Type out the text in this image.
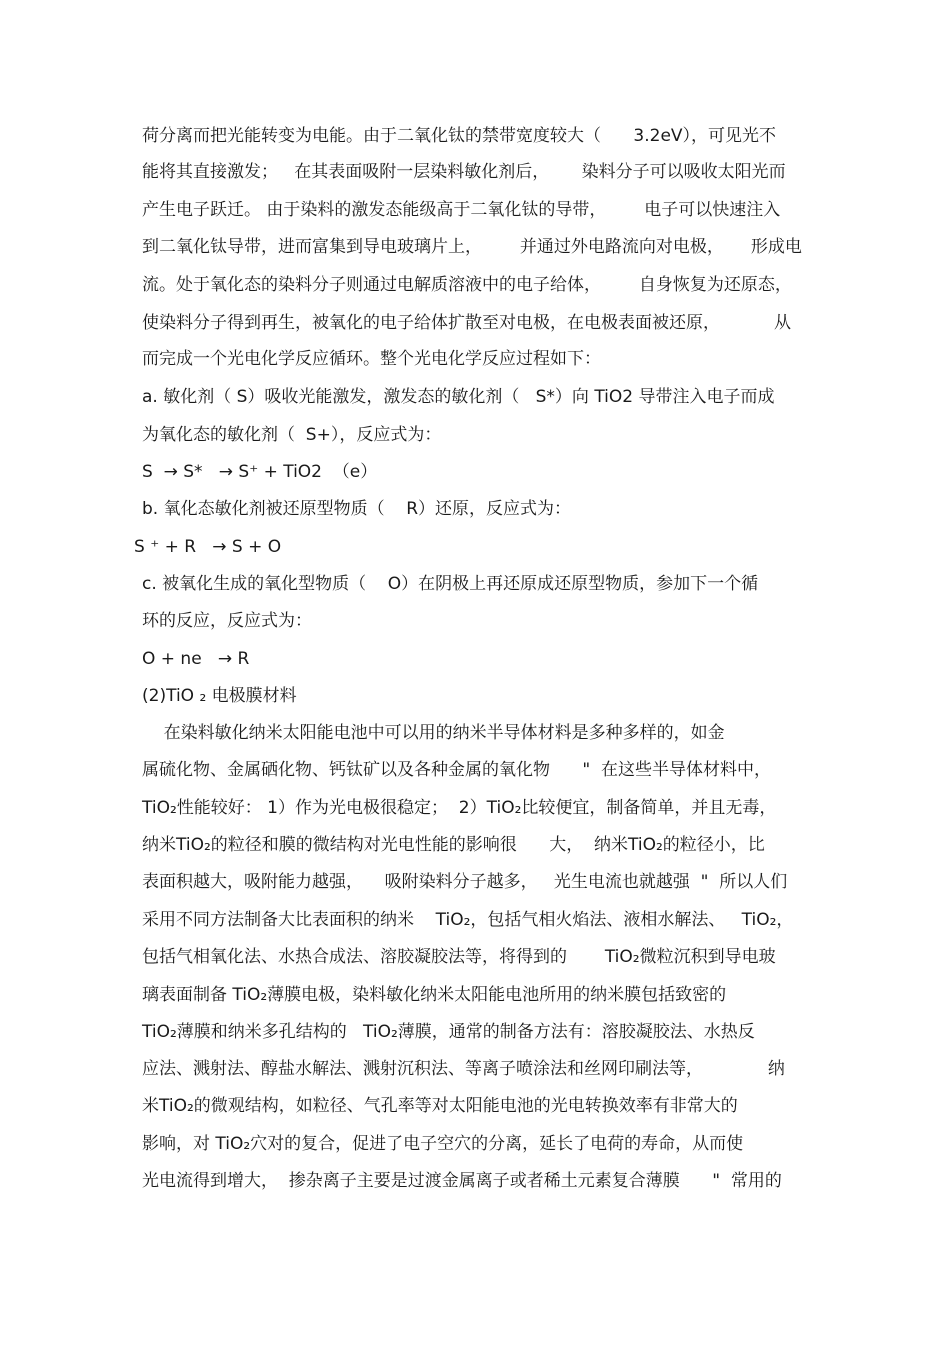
荷分离而把光能转变为电能。由于二氧化钛的禁带宽度较大（      3.2eV），可见光不
能将其直接激发；   在其表面吸附一层染料敏化剂后，      染料分子可以吸收太阳光而
产生电子跃迁。 由于染料的激发态能级高于二氧化钛的导带，       电子可以快速注入
到二氧化钛导带，进而富集到导电玻璃片上，       并通过外电路流向对电极，     形成电
流。处于氧化态的染料分子则通过电解质溶液中的电子给体，       自身恢复为还原态，
使染料分子得到再生，被氧化的电子给体扩散至对电极，在电极表面被还原，          从
而完成一个光电化学反应循环。整个光电化学反应过程如下：
a. 敏化剂（ S）吸收光能激发，激发态的敏化剂（   S*）向 TiO2 导带注入电子而成
为氧化态的敏化剂（  S+），反应式为：
S  → S*   → S⁺ + TiO2  （e）
b. 氧化态敏化剂被还原型物质（    R）还原，反应式为：
S ⁺ + R   → S + O
c. 被氧化生成的氧化型物质（    O）在阴极上再还原成还原型物质，参加下一个循
环的反应，反应式为：
O + ne   → R
(2)TiO ₂ 电极膜材料
在染料敏化纳米太阳能电池中可以用的纳米半导体材料是多种多样的，如金
属硫化物、金属硒化物、钙钛矿以及各种金属的氧化物      "  在这些半导体材料中，
TiO₂性能较好： 1）作为光电极很稳定；  2）TiO₂比较便宜，制备简单，并且无毒，
纳米TiO₂的粒径和膜的微结构对光电性能的影响很      大，  纳米TiO₂的粒径小，比
表面积越大，吸附能力越强，    吸附染料分子越多，   光生电流也就越强  "  所以人们
采用不同方法制备大比表面积的纳米    TiO₂，包括气相火焰法、液相水解法、   TiO₂，
包括气相氧化法、水热合成法、溶胶凝胶法等，将得到的       TiO₂微粒沉积到导电玻
璃表面制备 TiO₂薄膜电极，染料敏化纳米太阳能电池所用的纳米膜包括致密的
TiO₂薄膜和纳米多孔结构的   TiO₂薄膜，通常的制备方法有：溶胶凝胶法、水热反
应法、溅射法、醇盐水解法、溅射沉积法、等离子喷涂法和丝网印刷法等，            纳
米TiO₂的微观结构，如粒径、气孔率等对太阳能电池的光电转换效率有非常大的
影响，对 TiO₂穴对的复合，促进了电子空穴的分离，延长了电荷的寿命，从而使
光电流得到增大，  掺杂离子主要是过渡金属离子或者稀土元素复合薄膜      "  常用的
